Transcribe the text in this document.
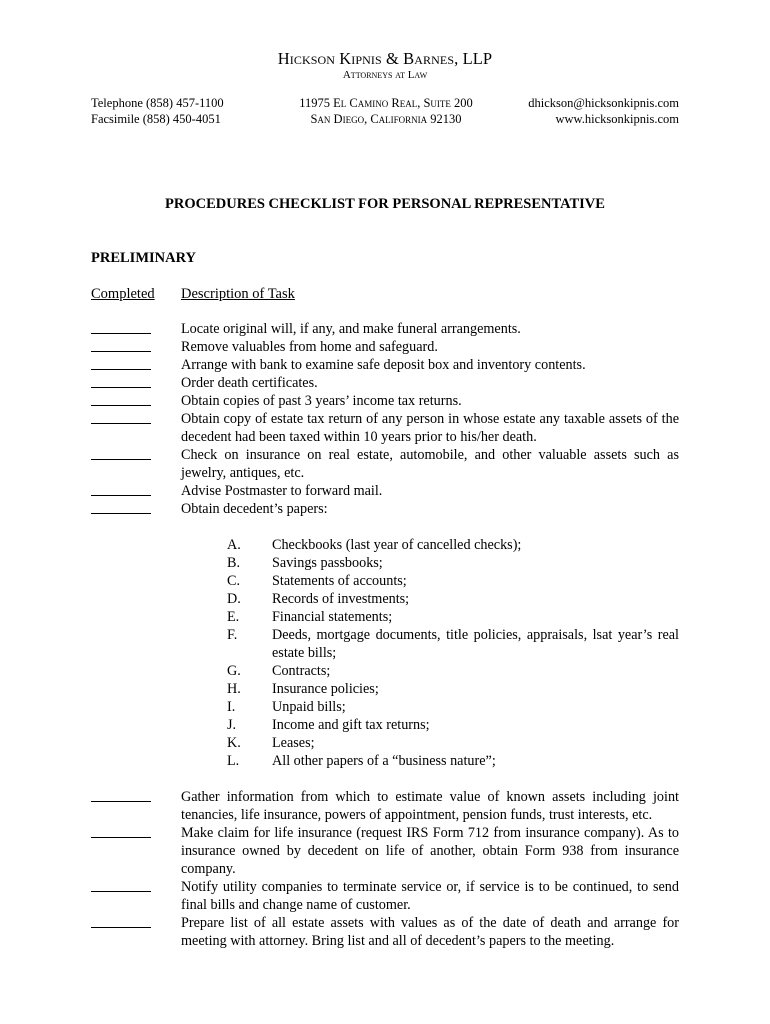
Hickson Kipnis & Barnes, LLP
Attorneys at Law
Telephone (858) 457-1100
Facsimile (858) 450-4051
11975 El Camino Real, Suite 200
San Diego, California 92130
dhickson@hicksonkipnis.com
www.hicksonkipnis.com
PROCEDURES CHECKLIST FOR PERSONAL REPRESENTATIVE
PRELIMINARY
Completed Description of Task
Locate original will, if any, and make funeral arrangements.
Remove valuables from home and safeguard.
Arrange with bank to examine safe deposit box and inventory contents.
Order death certificates.
Obtain copies of past 3 years’ income tax returns.
Obtain copy of estate tax return of any person in whose estate any taxable assets of the decedent had been taxed within 10 years prior to his/her death.
Check on insurance on real estate, automobile, and other valuable assets such as jewelry, antiques, etc.
Advise Postmaster to forward mail.
Obtain decedent’s papers:
A. Checkbooks (last year of cancelled checks);
B. Savings passbooks;
C. Statements of accounts;
D. Records of investments;
E. Financial statements;
F. Deeds, mortgage documents, title policies, appraisals, lsat year’s real estate bills;
G. Contracts;
H. Insurance policies;
I.	Unpaid bills;
J.	Income and gift tax returns;
K. Leases;
L. All other papers of a “business nature”;
Gather information from which to estimate value of known assets including joint tenancies, life insurance, powers of appointment, pension funds, trust interests, etc.
Make claim for life insurance (request IRS Form 712 from insurance company). As to insurance owned by decedent on life of another, obtain Form 938 from insurance company.
Notify utility companies to terminate service or, if service is to be continued, to send final bills and change name of customer.
Prepare list of all estate assets with values as of the date of death and arrange for meeting with attorney. Bring list and all of decedent’s papers to the meeting.
